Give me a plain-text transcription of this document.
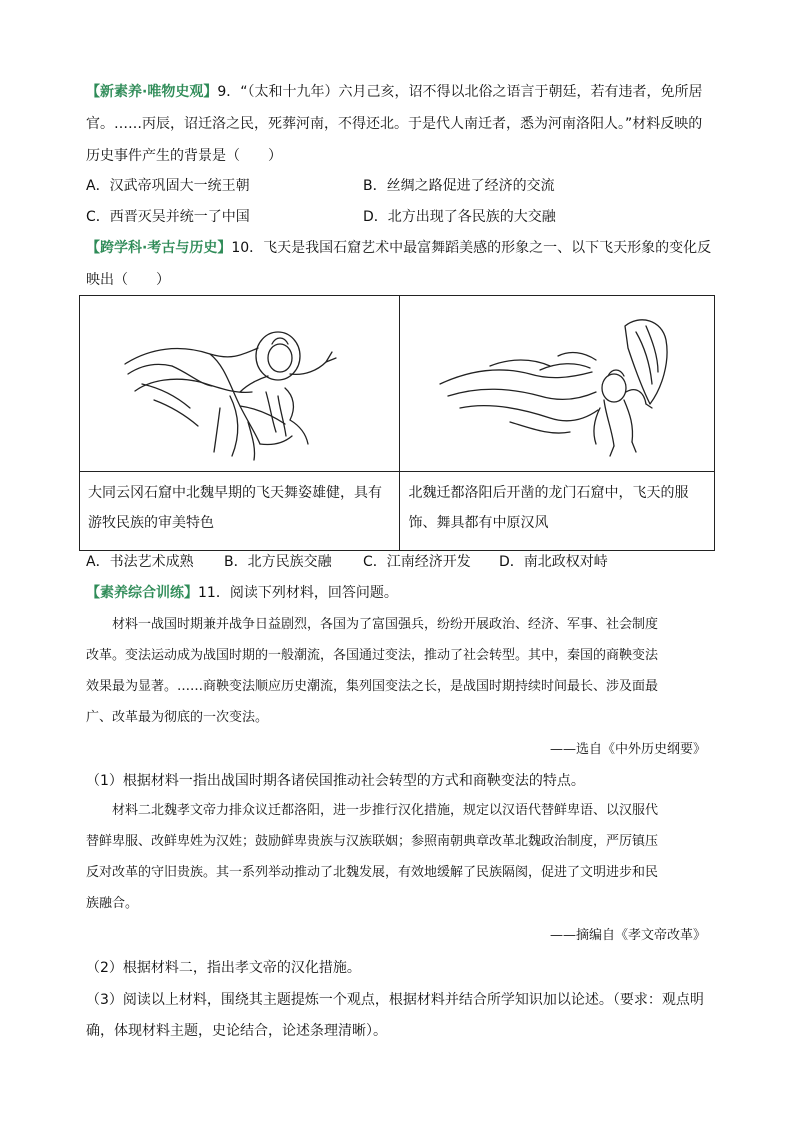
【新素养·唯物史观】9．“（太和十九年）六月己亥，诏不得以北俗之语言于朝廷，若有违者，免所居
官。……丙辰，诏迁洛之民，死葬河南，不得还北。于是代人南迁者，悉为河南洛阳人。”材料反映的
历史事件产生的背景是（　　）
A．汉武帝巩固大一统王朝	B．丝绸之路促进了经济的交流
C．西晋灭吴并统一了中国	D．北方出现了各民族的大交融
【跨学科·考古与历史】10．飞天是我国石窟艺术中最富舞蹈美感的形象之一、以下飞天形象的变化反
映出（　　）

大同云冈石窟中北魏早期的飞天舞姿雄健，具有游牧民族的审美特色	北魏迁都洛阳后开凿的龙门石窟中，飞天的服饰、舞具都有中原汉风
A．书法艺术成熟 B．北方民族交融 C．江南经济开发 D．南北政权对峙
【素养综合训练】11．阅读下列材料，回答问题。
材料一战国时期兼并战争日益剧烈，各国为了富国强兵，纷纷开展政治、经济、军事、社会制度
改革。变法运动成为战国时期的一般潮流，各国通过变法，推动了社会转型。其中，秦国的商鞅变法
效果最为显著。……商鞅变法顺应历史潮流，集列国变法之长，是战国时期持续时间最长、涉及面最
广、改革最为彻底的一次变法。
——选自《中外历史纲要》
（1）根据材料一指出战国时期各诸侯国推动社会转型的方式和商鞅变法的特点。
材料二北魏孝文帝力排众议迁都洛阳，进一步推行汉化措施，规定以汉语代替鲜卑语、以汉服代
替鲜卑服、改鲜卑姓为汉姓；鼓励鲜卑贵族与汉族联姻；参照南朝典章改革北魏政治制度，严厉镇压
反对改革的守旧贵族。其一系列举动推动了北魏发展，有效地缓解了民族隔阂，促进了文明进步和民
族融合。
——摘编自《孝文帝改革》
（2）根据材料二，指出孝文帝的汉化措施。
（3）阅读以上材料，围绕其主题提炼一个观点，根据材料并结合所学知识加以论述。（要求：观点明
确，体现材料主题，史论结合，论述条理清晰）。
